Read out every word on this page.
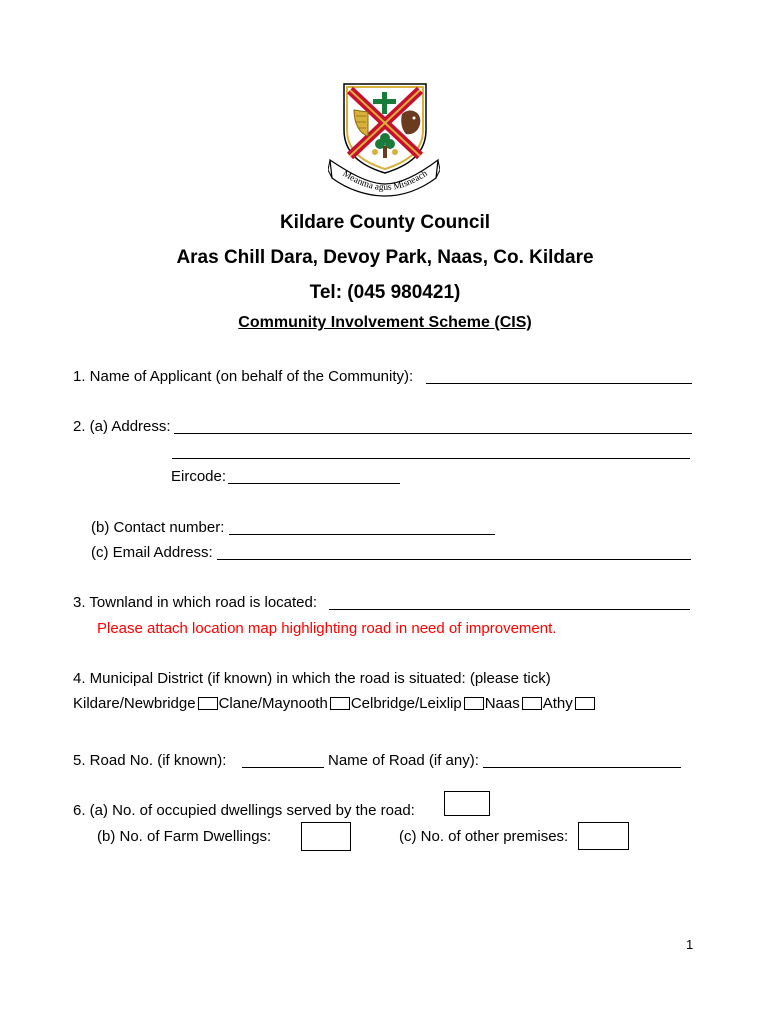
Meanma agus Misneach
Kildare County Council
Aras Chill Dara, Devoy Park, Naas, Co. Kildare
Tel: (045 980421)
Community Involvement Scheme (CIS)
1. Name of Applicant (on behalf of the Community):
2. (a) Address:
Eircode:
(b) Contact number:
(c) Email Address:
3. Townland in which road is located:
Please attach location map highlighting road in need of improvement.
4. Municipal District (if known) in which the road is situated: (please tick)
Kildare/Newbridge Clane/Maynooth Celbridge/Leixlip Naas Athy
5. Road No. (if known):	Name of Road (if any):
6. (a) No. of occupied dwellings served by the road:
(b) No. of Farm Dwellings:	(c) No. of other premises:
1
